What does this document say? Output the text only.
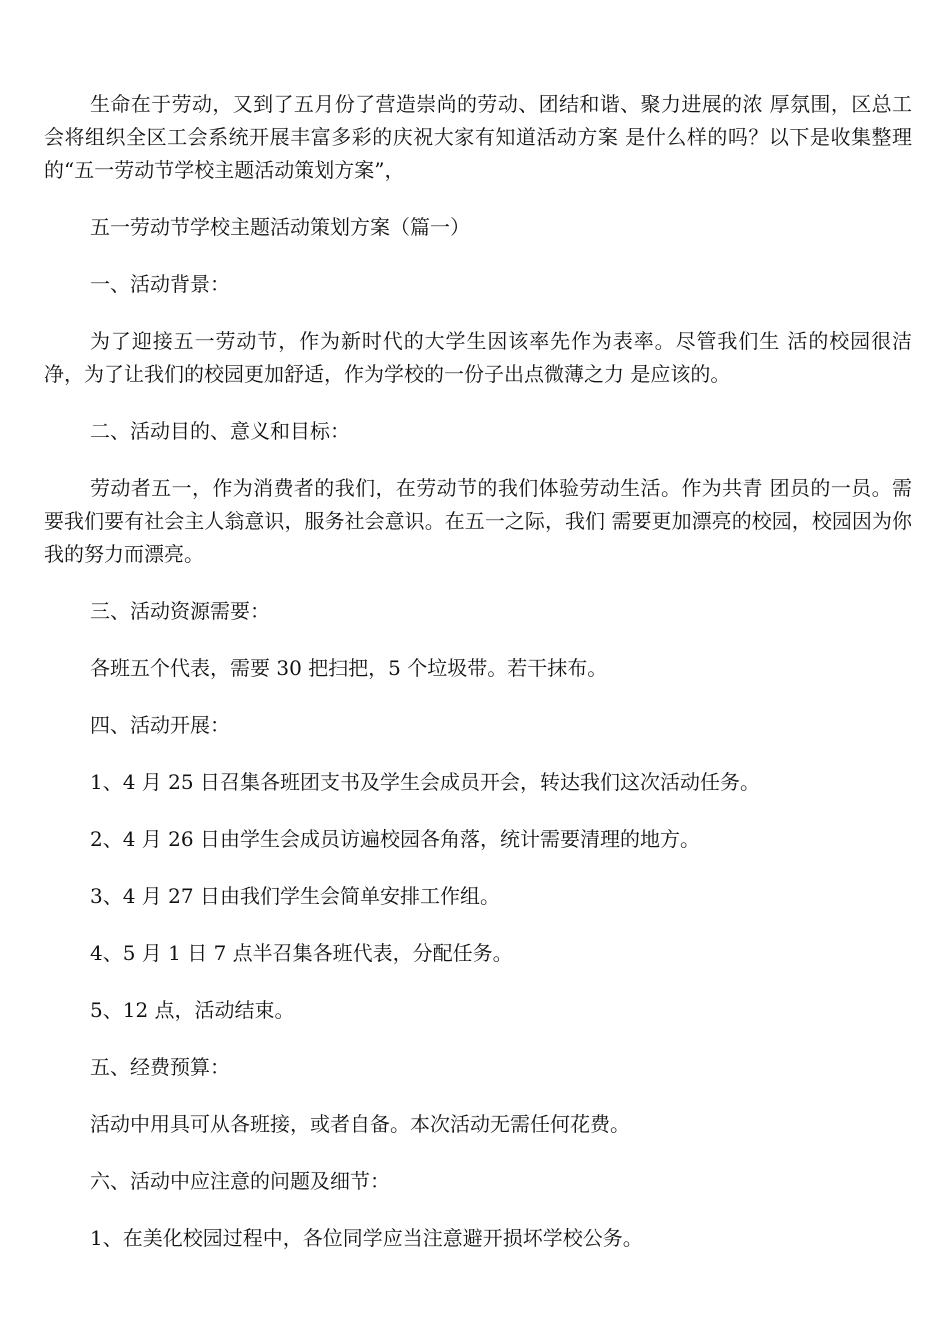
生命在于劳动，又到了五月份了营造崇尚的劳动、团结和谐、聚力进展的浓 厚氛围，区总工会将组织全区工会系统开展丰富多彩的庆祝大家有知道活动方案 是什么样的吗？以下是收集整理的“五一劳动节学校主题活动策划方案”，

五一劳动节学校主题活动策划方案（篇一）

一、活动背景：

为了迎接五一劳动节，作为新时代的大学生因该率先作为表率。尽管我们生 活的校园很洁净，为了让我们的校园更加舒适，作为学校的一份子出点微薄之力 是应该的。

二、活动目的、意义和目标：

劳动者五一，作为消费者的我们，在劳动节的我们体验劳动生活。作为共青 团员的一员。需要我们要有社会主人翁意识，服务社会意识。在五一之际，我们 需要更加漂亮的校园，校园因为你我的努力而漂亮。

三、活动资源需要：

各班五个代表，需要 30 把扫把，5 个垃圾带。若干抹布。

四、活动开展：

1、4 月 25 日召集各班团支书及学生会成员开会，转达我们这次活动任务。

2、4 月 26 日由学生会成员访遍校园各角落，统计需要清理的地方。

3、4 月 27 日由我们学生会简单安排工作组。

4、5 月 1 日 7 点半召集各班代表，分配任务。

5、12 点，活动结束。

五、经费预算：

活动中用具可从各班接，或者自备。本次活动无需任何花费。

六、活动中应注意的问题及细节：

1、在美化校园过程中，各位同学应当注意避开损坏学校公务。
